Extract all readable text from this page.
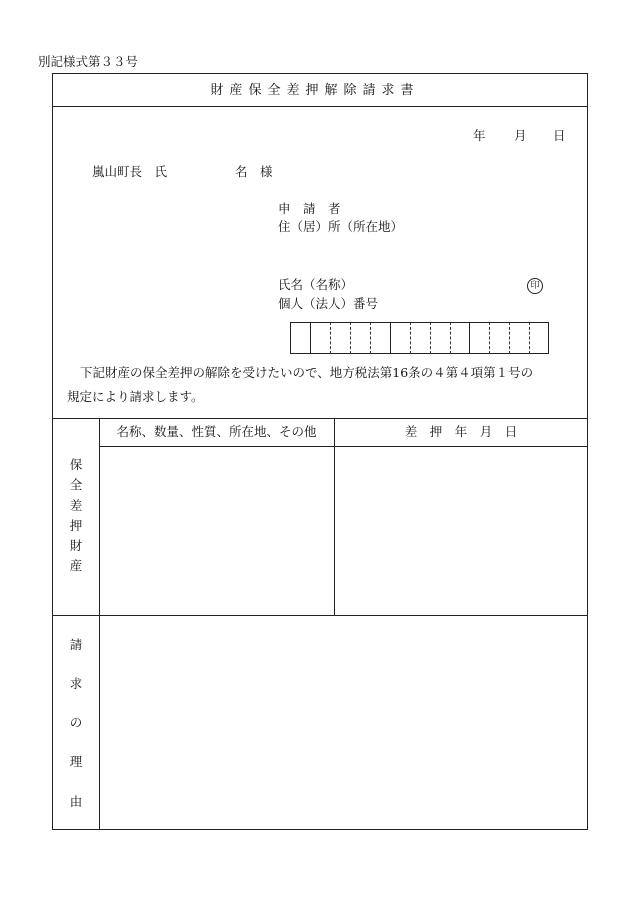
別記様式第３３号
財産保全差押解除請求書
年 月 日
嵐山町長　氏	名　様
申　請　者
住（居）所（所在地）
氏名（名称）	印
個人（法人）番号
下記財産の保全差押の解除を受けたいので、地方税法第16条の４第４項第１号の
規定により請求します。
名称、数量、性質、所在地、その他	差　押　年　月　日
保
全
差
押
財
産
請
求
の
理
由
